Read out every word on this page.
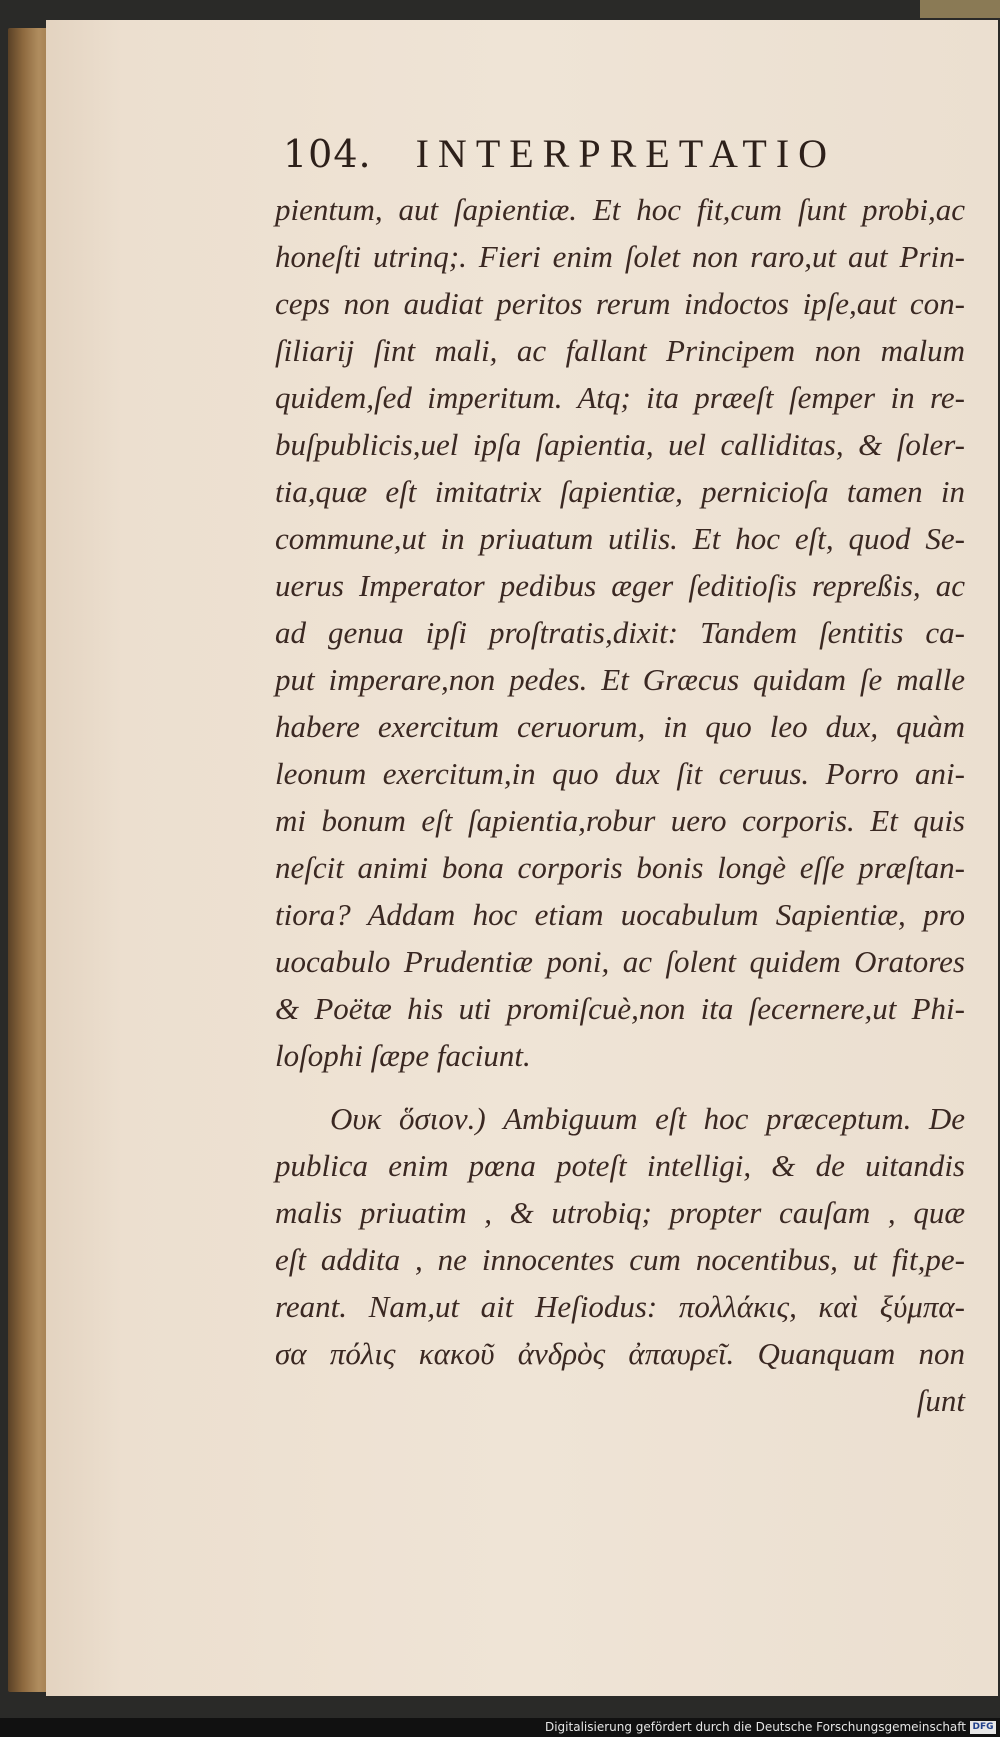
104. INTERPRETATIO
pientum, aut ſapientiæ. Et hoc fit,cum ſunt probi,ac
honeſti utrinq;. Fieri enim ſolet non raro,ut aut Prin-
ceps non audiat peritos rerum indoctos ipſe,aut con-
ſiliarij ſint mali, ac fallant Principem non malum
quidem,ſed imperitum. Atq; ita præeſt ſemper in re-
buſpublicis,uel ipſa ſapientia, uel calliditas, & ſoler-
tia,quæ eſt imitatrix ſapientiæ, pernicioſa tamen in
commune,ut in priuatum utilis. Et hoc eſt, quod Se-
uerus Imperator pedibus æger ſeditioſis repreßis, ac
ad genua ipſi proſtratis,dixit: Tandem ſentitis ca-
put imperare,non pedes. Et Græcus quidam ſe malle
habere exercitum ceruorum, in quo leo dux, quàm
leonum exercitum,in quo dux ſit ceruus. Porro ani-
mi bonum eſt ſapientia,robur uero corporis. Et quis
neſcit animi bona corporis bonis longè eſſe præſtan-
tiora? Addam hoc etiam uocabulum Sapientiæ, pro
uocabulo Prudentiæ poni, ac ſolent quidem Oratores
& Poëtæ his uti promiſcuè,non ita ſecernere,ut Phi-
loſophi ſæpe faciunt.
Ουκ ὅσιον.) Ambiguum eſt hoc præceptum. De
publica enim pœna poteſt intelligi, & de uitandis
malis priuatim , & utrobiq; propter cauſam , quæ
eſt addita , ne innocentes cum nocentibus, ut fit,pe-
reant. Nam,ut ait Heſiodus: πολλάκις, καὶ ξύμπα-
σα πόλις κακοῦ ἀνδρὸς ἀπαυρεῖ. Quanquam non
ſunt
Digitalisierung gefördert durch die Deutsche Forschungsgemeinschaft DFG
